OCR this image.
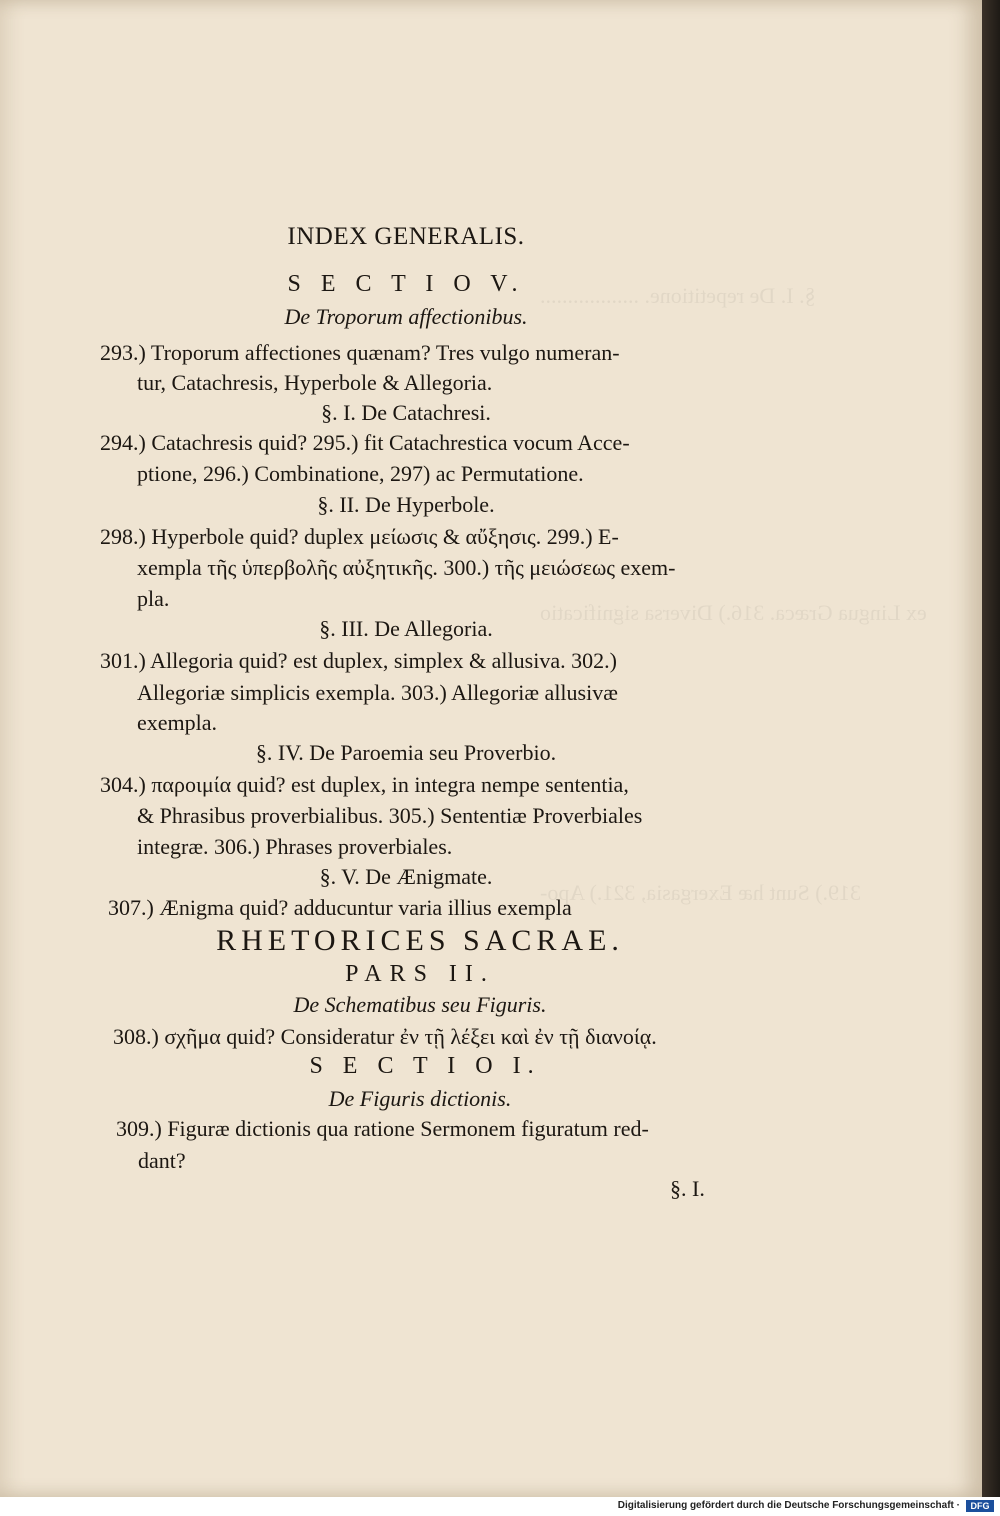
§. I. De repetitione. ..................
ex Lingua Græca. 316.) Diversa significatio
319.) Sunt hæ Exergasia, 321.) Apo-
INDEX GENERALIS.
S E C T I O V.
De Troporum affectionibus.
293.) Troporum affectiones quænam? Tres vulgo numeran-
tur, Catachresis, Hyperbole & Allegoria.
§. I. De Catachresi.
294.) Catachresis quid? 295.) fit Catachrestica vocum Acce-
ptione, 296.) Combinatione, 297) ac Permutatione.
§. II. De Hyperbole.
298.) Hyperbole quid? duplex μείωσις & αὔξησις. 299.) E-
xempla τῆς ὑπερβολῆς αὐξητικῆς. 300.) τῆς μειώσεως exem-
pla.
§. III. De Allegoria.
301.) Allegoria quid? est duplex, simplex & allusiva. 302.)
Allegoriæ simplicis exempla. 303.) Allegoriæ allusivæ
exempla.
§. IV. De Paroemia seu Proverbio.
304.) παροιμία quid? est duplex, in integra nempe sententia,
& Phrasibus proverbialibus. 305.) Sententiæ Proverbiales
integræ. 306.) Phrases proverbiales.
§. V. De Ænigmate.
307.) Ænigma quid? adducuntur varia illius exempla
RHETORICES SACRAE.
PARS II.
De Schematibus seu Figuris.
308.) σχῆμα quid? Consideratur ἐν τῇ λέξει καὶ ἐν τῇ διανοίᾳ.
S E C T I O I.
De Figuris dictionis.
309.) Figuræ dictionis qua ratione Sermonem figuratum red-
dant?
§. I.
Digitalisierung gefördert durch die Deutsche Forschungsgemeinschaft ·	DFG
